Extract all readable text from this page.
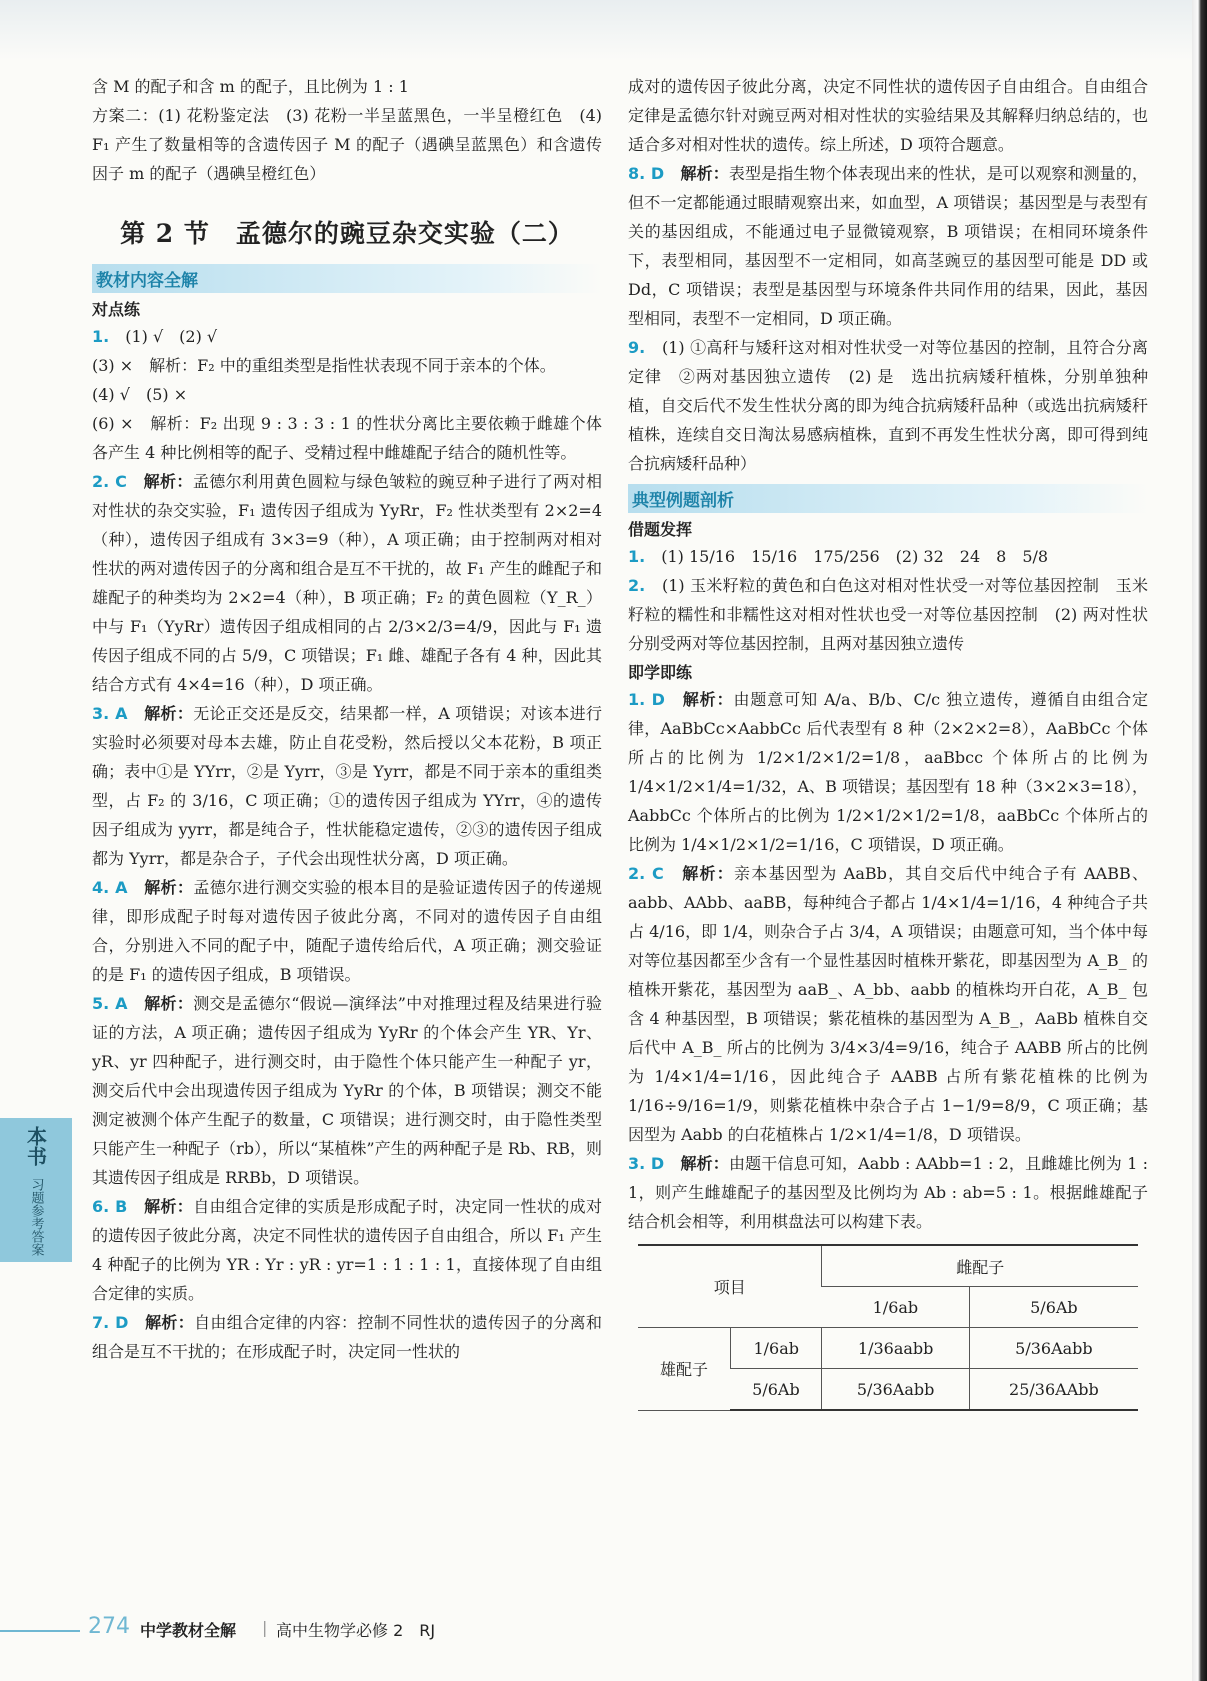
含 M 的配子和含 m 的配子，且比例为 1 : 1

方案二：(1) 花粉鉴定法　(3) 花粉一半呈蓝黑色，一半呈橙红色　(4) F₁ 产生了数量相等的含遗传因子 M 的配子（遇碘呈蓝黑色）和含遗传因子 m 的配子（遇碘呈橙红色）

第 2 节　孟德尔的豌豆杂交实验（二）
教材内容全解
对点练

1.　 (1) √　(2) √

(3) ×　解析：F₂ 中的重组类型是指性状表现不同于亲本的个体。

(4) √　(5) ×

(6) ×　解析：F₂ 出现 9 : 3 : 3 : 1 的性状分离比主要依赖于雌雄个体各产生 4 种比例相等的配子、受精过程中雌雄配子结合的随机性等。

2. C　 解析：孟德尔利用黄色圆粒与绿色皱粒的豌豆种子进行了两对相对性状的杂交实验，F₁ 遗传因子组成为 YyRr，F₂ 性状类型有 2×2=4（种），遗传因子组成有 3×3=9（种），A 项正确；由于控制两对相对性状的两对遗传因子的分离和组合是互不干扰的，故 F₁ 产生的雌配子和雄配子的种类均为 2×2=4（种），B 项正确；F₂ 的黄色圆粒（Y_R_）中与 F₁（YyRr）遗传因子组成相同的占 2/3×2/3=4/9，因此与 F₁ 遗传因子组成不同的占 5/9，C 项错误；F₁ 雌、雄配子各有 4 种，因此其结合方式有 4×4=16（种），D 项正确。

3. A　 解析：无论正交还是反交，结果都一样，A 项错误；对该本进行实验时必须要对母本去雄，防止自花受粉，然后授以父本花粉，B 项正确；表中①是 YYrr，②是 Yyrr，③是 Yyrr，都是不同于亲本的重组类型，占 F₂ 的 3/16，C 项正确；①的遗传因子组成为 YYrr，④的遗传因子组成为 yyrr，都是纯合子，性状能稳定遗传，②③的遗传因子组成都为 Yyrr，都是杂合子，子代会出现性状分离，D 项正确。

4. A　 解析：孟德尔进行测交实验的根本目的是验证遗传因子的传递规律，即形成配子时每对遗传因子彼此分离，不同对的遗传因子自由组合，分别进入不同的配子中，随配子遗传给后代，A 项正确；测交验证的是 F₁ 的遗传因子组成，B 项错误。

5. A　 解析：测交是孟德尔“假说—演绎法”中对推理过程及结果进行验证的方法，A 项正确；遗传因子组成为 YyRr 的个体会产生 YR、Yr、yR、yr 四种配子，进行测交时，由于隐性个体只能产生一种配子 yr，测交后代中会出现遗传因子组成为 YyRr 的个体，B 项错误；测交不能测定被测个体产生配子的数量，C 项错误；进行测交时，由于隐性类型只能产生一种配子（rb），所以“某植株”产生的两种配子是 Rb、RB，则其遗传因子组成是 RRBb，D 项错误。

6. B　 解析：自由组合定律的实质是形成配子时，决定同一性状的成对的遗传因子彼此分离，决定不同性状的遗传因子自由组合，所以 F₁ 产生 4 种配子的比例为 YR : Yr : yR : yr=1 : 1 : 1 : 1，直接体现了自由组合定律的实质。

7. D　 解析：自由组合定律的内容：控制不同性状的遗传因子的分离和组合是互不干扰的；在形成配子时，决定同一性状的

成对的遗传因子彼此分离，决定不同性状的遗传因子自由组合。自由组合定律是孟德尔针对豌豆两对相对性状的实验结果及其解释归纳总结的，也适合多对相对性状的遗传。综上所述，D 项符合题意。

8. D　 解析：表型是指生物个体表现出来的性状，是可以观察和测量的，但不一定都能通过眼睛观察出来，如血型，A 项错误；基因型是与表型有关的基因组成，不能通过电子显微镜观察，B 项错误；在相同环境条件下，表型相同，基因型不一定相同，如高茎豌豆的基因型可能是 DD 或 Dd，C 项错误；表型是基因型与环境条件共同作用的结果，因此，基因型相同，表型不一定相同，D 项正确。

9.　 (1) ①高秆与矮秆这对相对性状受一对等位基因的控制，且符合分离定律　②两对基因独立遗传　(2) 是　选出抗病矮秆植株，分别单独种植，自交后代不发生性状分离的即为纯合抗病矮秆品种（或选出抗病矮秆植株，连续自交日淘汰易感病植株，直到不再发生性状分离，即可得到纯合抗病矮秆品种）

典型例题剖析
借题发挥

1.　 (1) 15/16　15/16　175/256　(2) 32　24　8　5/8

2.　 (1) 玉米籽粒的黄色和白色这对相对性状受一对等位基因控制　玉米籽粒的糯性和非糯性这对相对性状也受一对等位基因控制　(2) 两对性状分别受两对等位基因控制，且两对基因独立遗传

即学即练

1. D　 解析：由题意可知 A/a、B/b、C/c 独立遗传，遵循自由组合定律，AaBbCc×AabbCc 后代表型有 8 种（2×2×2=8），AaBbCc 个体所占的比例为 1/2×1/2×1/2=1/8，aaBbcc 个体所占的比例为 1/4×1/2×1/4=1/32，A、B 项错误；基因型有 18 种（3×2×3=18），AabbCc 个体所占的比例为 1/2×1/2×1/2=1/8，aaBbCc 个体所占的比例为 1/4×1/2×1/2=1/16，C 项错误，D 项正确。

2. C　 解析：亲本基因型为 AaBb，其自交后代中纯合子有 AABB、aabb、AAbb、aaBB，每种纯合子都占 1/4×1/4=1/16，4 种纯合子共占 4/16，即 1/4，则杂合子占 3/4，A 项错误；由题意可知，当个体中每对等位基因都至少含有一个显性基因时植株开紫花，即基因型为 A_B_ 的植株开紫花，基因型为 aaB_、A_bb、aabb 的植株均开白花，A_B_ 包含 4 种基因型，B 项错误；紫花植株的基因型为 A_B_，AaBb 植株自交后代中 A_B_ 所占的比例为 3/4×3/4=9/16，纯合子 AABB 所占的比例为 1/4×1/4=1/16，因此纯合子 AABB 占所有紫花植株的比例为 1/16÷9/16=1/9，则紫花植株中杂合子占 1−1/9=8/9，C 项正确；基因型为 Aabb 的白花植株占 1/2×1/4=1/8，D 项错误。

3. D　 解析：由题干信息可知，Aabb : AAbb=1 : 2，且雌雄比例为 1 : 1，则产生雌雄配子的基因型及比例均为 Ab : ab=5 : 1。根据雌雄配子结合机会相等，利用棋盘法可以构建下表。

项目		雌配子	
		1/6ab	5/6Ab
雄配子	1/6ab	1/36aabb	5/36Aabb
	5/6Ab	5/36Aabb	25/36AAbb
本书
习题参考答案
274 中学教材全解 | 高中生物学必修 2　RJ
